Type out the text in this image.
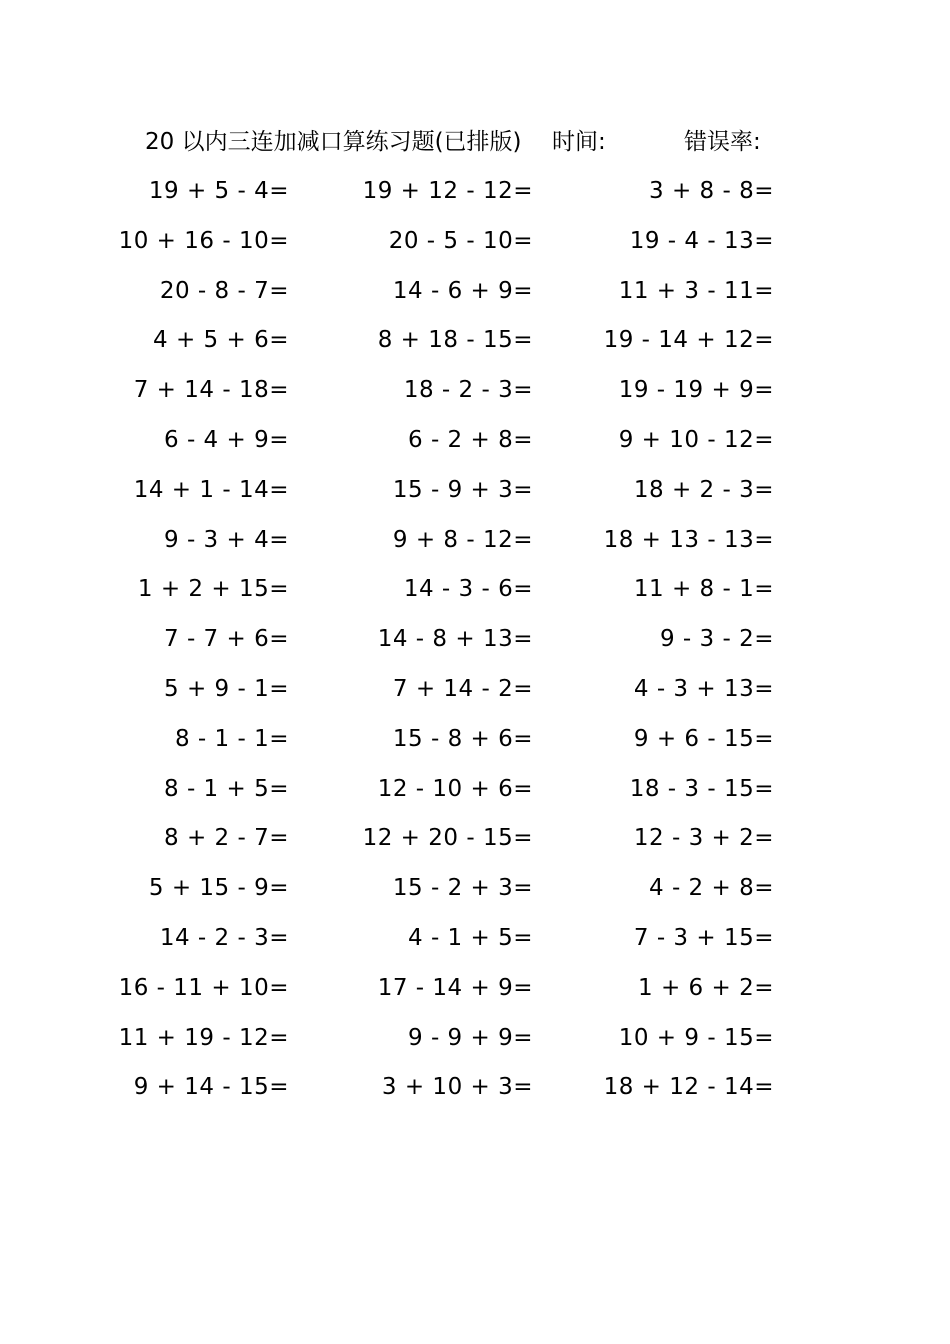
20 以内三连加减口算练习题(已排版) 时间:	错误率:
19 + 5 - 4=	19 + 12 - 12=	3 + 8 - 8=
10 + 16 - 10=	20 - 5 - 10=	19 - 4 - 13=
20 - 8 - 7=	14 - 6 + 9=	11 + 3 - 11=
4 + 5 + 6=	8 + 18 - 15=	19 - 14 + 12=
7 + 14 - 18=	18 - 2 - 3=	19 - 19 + 9=
6 - 4 + 9=	6 - 2 + 8=	9 + 10 - 12=
14 + 1 - 14=	15 - 9 + 3=	18 + 2 - 3=
9 - 3 + 4=	9 + 8 - 12=	18 + 13 - 13=
1 + 2 + 15=	14 - 3 - 6=	11 + 8 - 1=
7 - 7 + 6=	14 - 8 + 13=	9 - 3 - 2=
5 + 9 - 1=	7 + 14 - 2=	4 - 3 + 13=
8 - 1 - 1=	15 - 8 + 6=	9 + 6 - 15=
8 - 1 + 5=	12 - 10 + 6=	18 - 3 - 15=
8 + 2 - 7=	12 + 20 - 15=	12 - 3 + 2=
5 + 15 - 9=	15 - 2 + 3=	4 - 2 + 8=
14 - 2 - 3=	4 - 1 + 5=	7 - 3 + 15=
16 - 11 + 10=	17 - 14 + 9=	1 + 6 + 2=
11 + 19 - 12=	9 - 9 + 9=	10 + 9 - 15=
9 + 14 - 15=	3 + 10 + 3=	18 + 12 - 14=
